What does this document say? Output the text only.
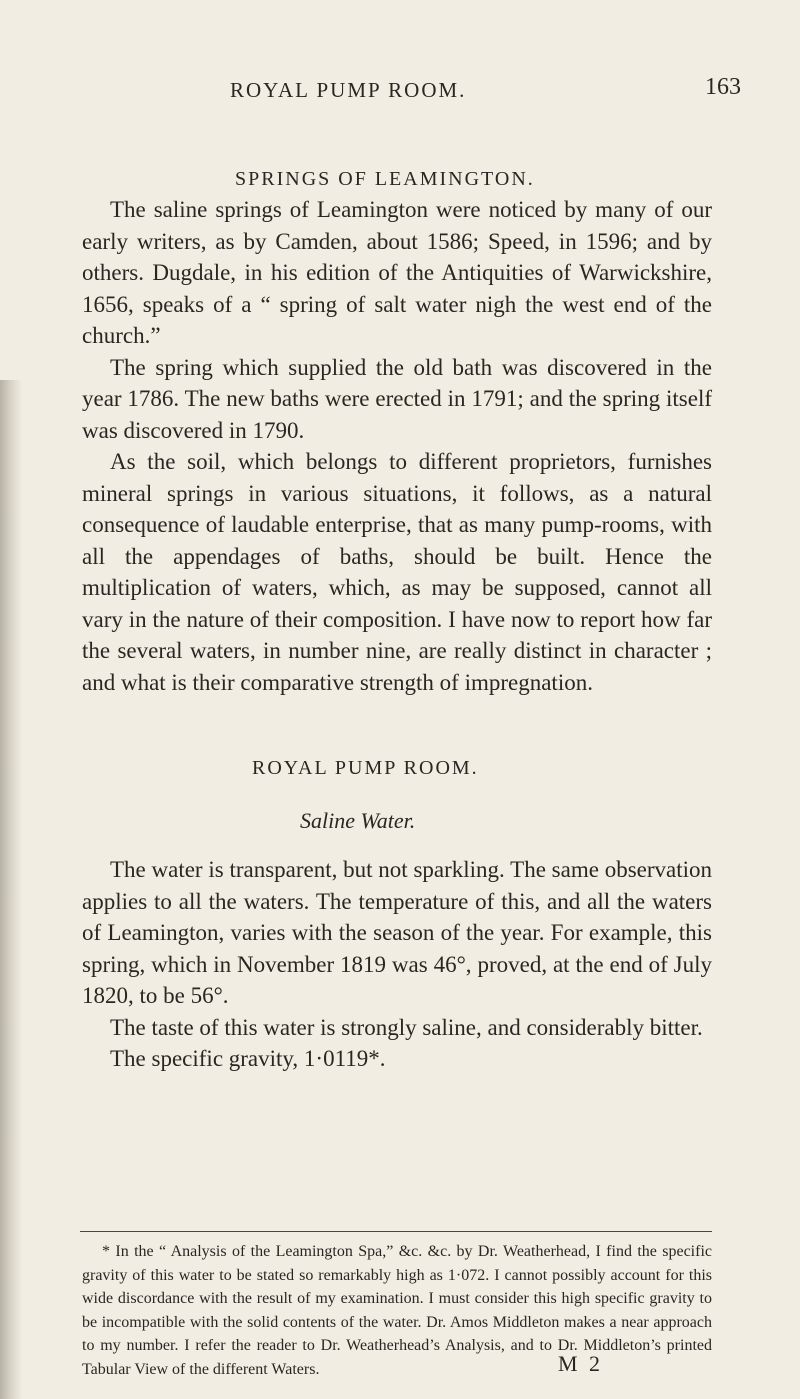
ROYAL PUMP ROOM.	163
SPRINGS OF LEAMINGTON.

The saline springs of Leamington were noticed by many of our early writers, as by Camden, about 1586; Speed, in 1596; and by others. Dugdale, in his edition of the Antiquities of Warwickshire, 1656, speaks of a “ spring of salt water nigh the west end of the church.”

The spring which supplied the old bath was discovered in the year 1786. The new baths were erected in 1791; and the spring itself was discovered in 1790.

As the soil, which belongs to different proprietors, furnishes mineral springs in various situations, it follows, as a natural consequence of laudable enterprise, that as many pump-rooms, with all the appendages of baths, should be built. Hence the multiplication of waters, which, as may be supposed, cannot all vary in the nature of their composition. I have now to report how far the several waters, in number nine, are really distinct in character ; and what is their comparative strength of impregnation.

ROYAL PUMP ROOM.
Saline Water.

The water is transparent, but not sparkling. The same observation applies to all the waters. The temperature of this, and all the waters of Leamington, varies with the season of the year. For example, this spring, which in November 1819 was 46°, proved, at the end of July 1820, to be 56°.

The taste of this water is strongly saline, and considerably bitter.

The specific gravity, 1·0119*.

* In the “ Analysis of the Leamington Spa,” &c. &c. by Dr. Weatherhead, I find the specific gravity of this water to be stated so remarkably high as 1·072. I cannot possibly account for this wide discordance with the result of my examination. I must consider this high specific gravity to be incompatible with the solid contents of the water. Dr. Amos Middleton makes a near approach to my number. I refer the reader to Dr. Weatherhead’s Analysis, and to Dr. Middleton’s printed Tabular View of the different Waters.	M 2
